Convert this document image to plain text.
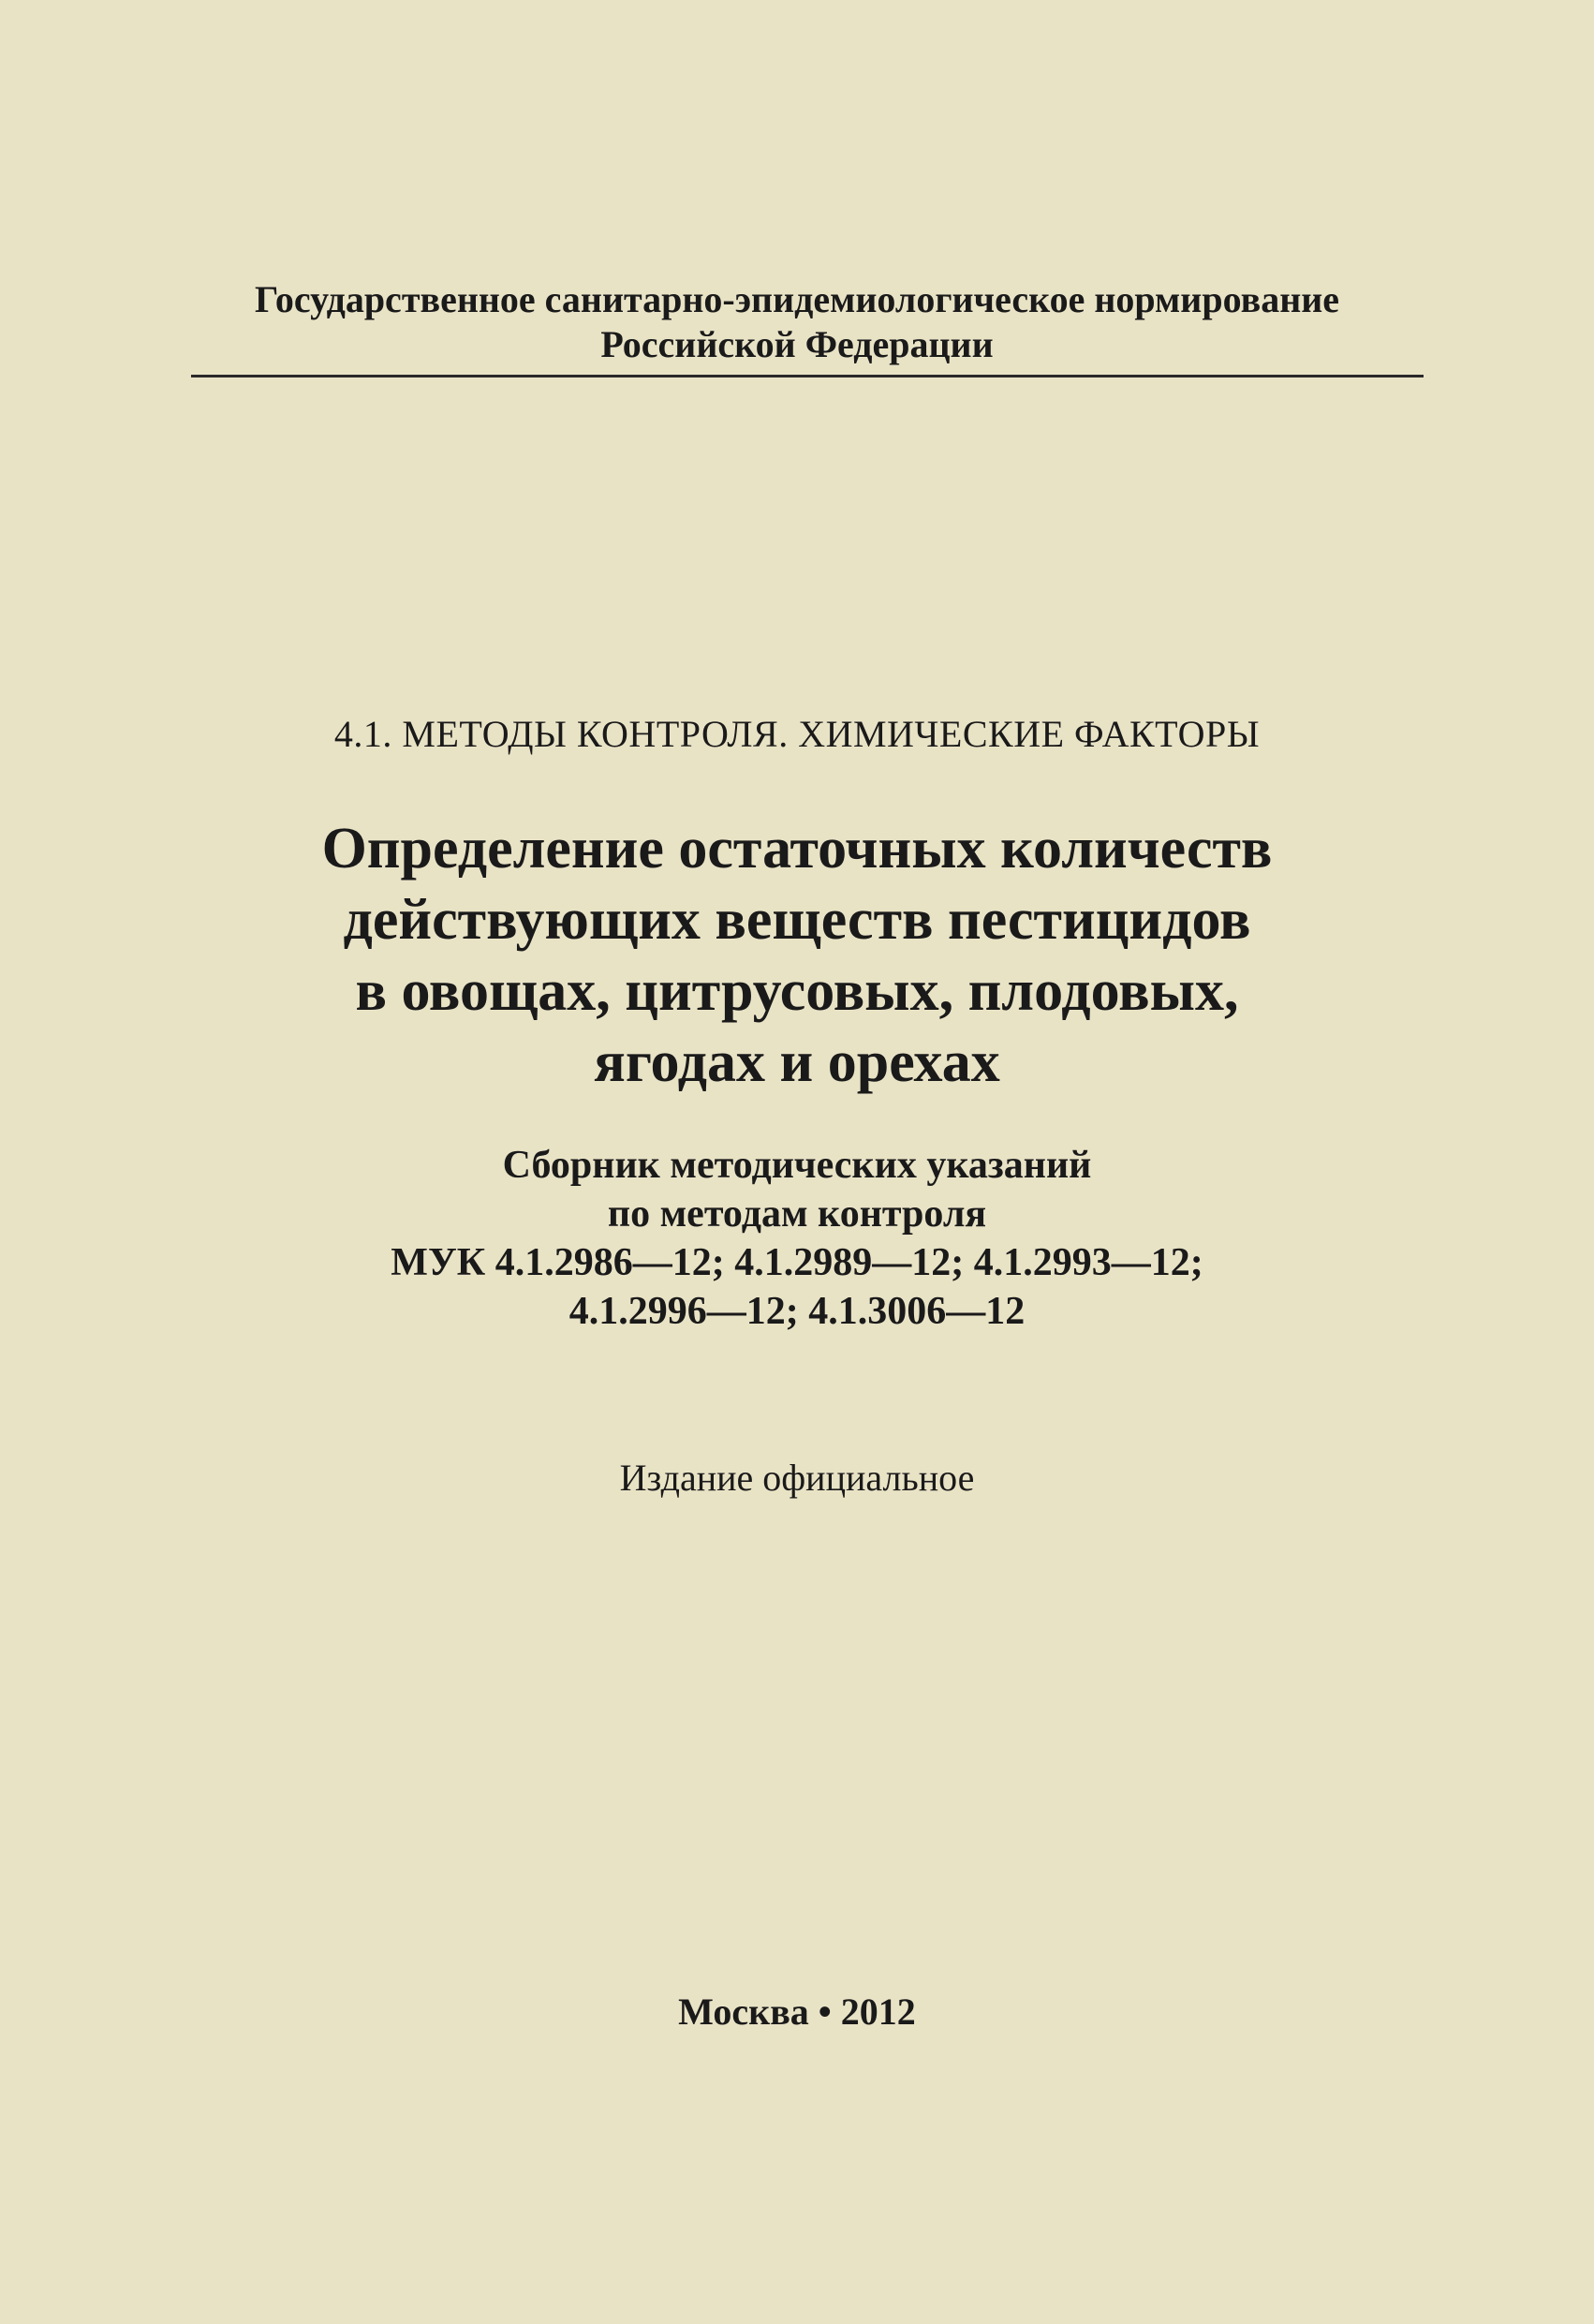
Государственное санитарно-эпидемиологическое нормирование
Российской Федерации
4.1. МЕТОДЫ КОНТРОЛЯ. ХИМИЧЕСКИЕ ФАКТОРЫ
Определение остаточных количеств
действующих веществ пестицидов
в овощах, цитрусовых, плодовых,
ягодах и орехах
Сборник методических указаний
по методам контроля
МУК 4.1.2986—12; 4.1.2989—12; 4.1.2993—12;
4.1.2996—12; 4.1.3006—12
Издание официальное
Москва • 2012
